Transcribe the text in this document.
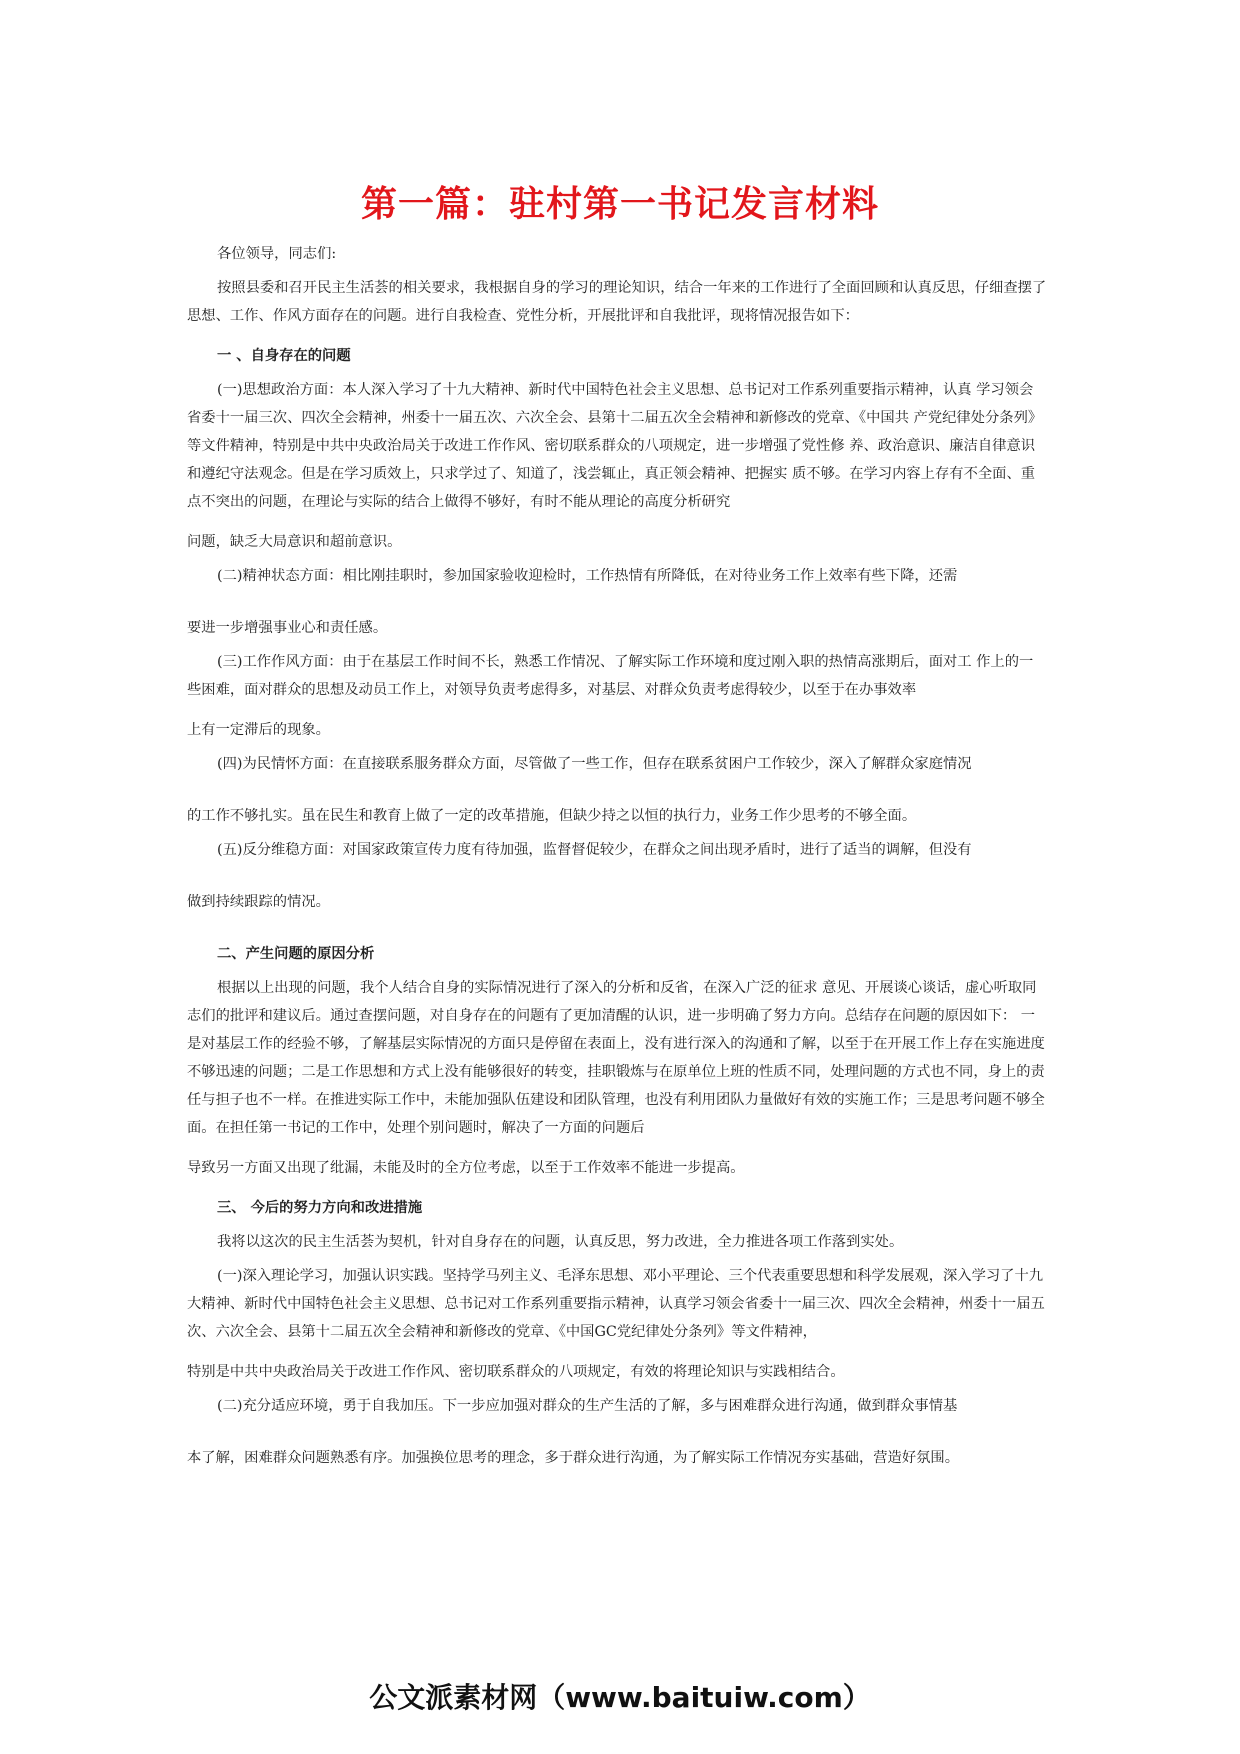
第一篇：驻村第一书记发言材料

各位领导，同志们:

按照县委和召开民主生活荟的相关要求，我根据自身的学习的理论知识，结合一年来的工作进行了全面回顾和认真反思，仔细查摆了思想、工作、作风方面存在的问题。进行自我检查、党性分析，开展批评和自我批评，现将情况报告如下：

一 、自身存在的问题

(一)思想政治方面：本人深入学习了十九大精神、新时代中国特色社会主义思想、总书记对工作系列重要指示精神，认真 学习领会省委十一届三次、四次全会精神，州委十一届五次、六次全会、县第十二届五次全会精神和新修改的党章、《中国共 产党纪律处分条列》等文件精神，特别是中共中央政治局关于改进工作作风、密切联系群众的八项规定，进一步增强了党性修 养、政治意识、廉洁自律意识和遵纪守法观念。但是在学习质效上，只求学过了、知道了，浅尝辄止，真正领会精神、把握实 质不够。在学习内容上存有不全面、重点不突出的问题，在理论与实际的结合上做得不够好，有时不能从理论的高度分析研究

问题，缺乏大局意识和超前意识。

(二)精神状态方面：相比刚挂职时，参加国家验收迎检时，工作热情有所降低，在对待业务工作上效率有些下降，还需

要进一步增强事业心和责任感。

(三)工作作风方面：由于在基层工作时间不长，熟悉工作情况、了解实际工作环境和度过刚入职的热情高涨期后，面对工 作上的一些困难，面对群众的思想及动员工作上，对领导负责考虑得多，对基层、对群众负责考虑得较少，以至于在办事效率

上有一定滞后的现象。

(四)为民情怀方面：在直接联系服务群众方面，尽管做了一些工作，但存在联系贫困户工作较少，深入了解群众家庭情况

的工作不够扎实。虽在民生和教育上做了一定的改革措施，但缺少持之以恒的执行力，业务工作少思考的不够全面。

(五)反分维稳方面：对国家政策宣传力度有待加强，监督督促较少，在群众之间出现矛盾时，进行了适当的调解，但没有

做到持续跟踪的情况。

二、产生问题的原因分析

根据以上出现的问题，我个人结合自身的实际情况进行了深入的分析和反省，在深入广泛的征求 意见、开展谈心谈话，虚心听取同志们的批评和建议后。通过查摆问题，对自身存在的问题有了更加清醒的认识，进一步明确了努力方向。总结存在问题的原因如下： 一是对基层工作的经验不够，了解基层实际情况的方面只是停留在表面上，没有进行深入的沟通和了解，以至于在开展工作上存在实施进度不够迅速的问题；二是工作思想和方式上没有能够很好的转变，挂职锻炼与在原单位上班的性质不同，处理问题的方式也不同，身上的责任与担子也不一样。在推进实际工作中，未能加强队伍建设和团队管理，也没有利用团队力量做好有效的实施工作；三是思考问题不够全面。在担任第一书记的工作中，处理个别问题时，解决了一方面的问题后

导致另一方面又出现了纰漏，未能及时的全方位考虑，以至于工作效率不能进一步提高。

三、 今后的努力方向和改进措施

我将以这次的民主生活荟为契机，针对自身存在的问题，认真反思，努力改进，全力推进各项工作落到实处。

(一)深入理论学习，加强认识实践。坚持学马列主义、毛泽东思想、邓小平理论、三个代表重要思想和科学发展观，深入学习了十九大精神、新时代中国特色社会主义思想、总书记对工作系列重要指示精神，认真学习领会省委十一届三次、四次全会精神，州委十一届五次、六次全会、县第十二届五次全会精神和新修改的党章、《中国GC党纪律处分条列》等文件精神，

特别是中共中央政治局关于改进工作作风、密切联系群众的八项规定，有效的将理论知识与实践相结合。

(二)充分适应环境，勇于自我加压。下一步应加强对群众的生产生活的了解，多与困难群众进行沟通，做到群众事情基

本了解，困难群众问题熟悉有序。加强换位思考的理念，多于群众进行沟通，为了解实际工作情况夯实基础，营造好氛围。

公文派素材网（www.baituiw.com）
